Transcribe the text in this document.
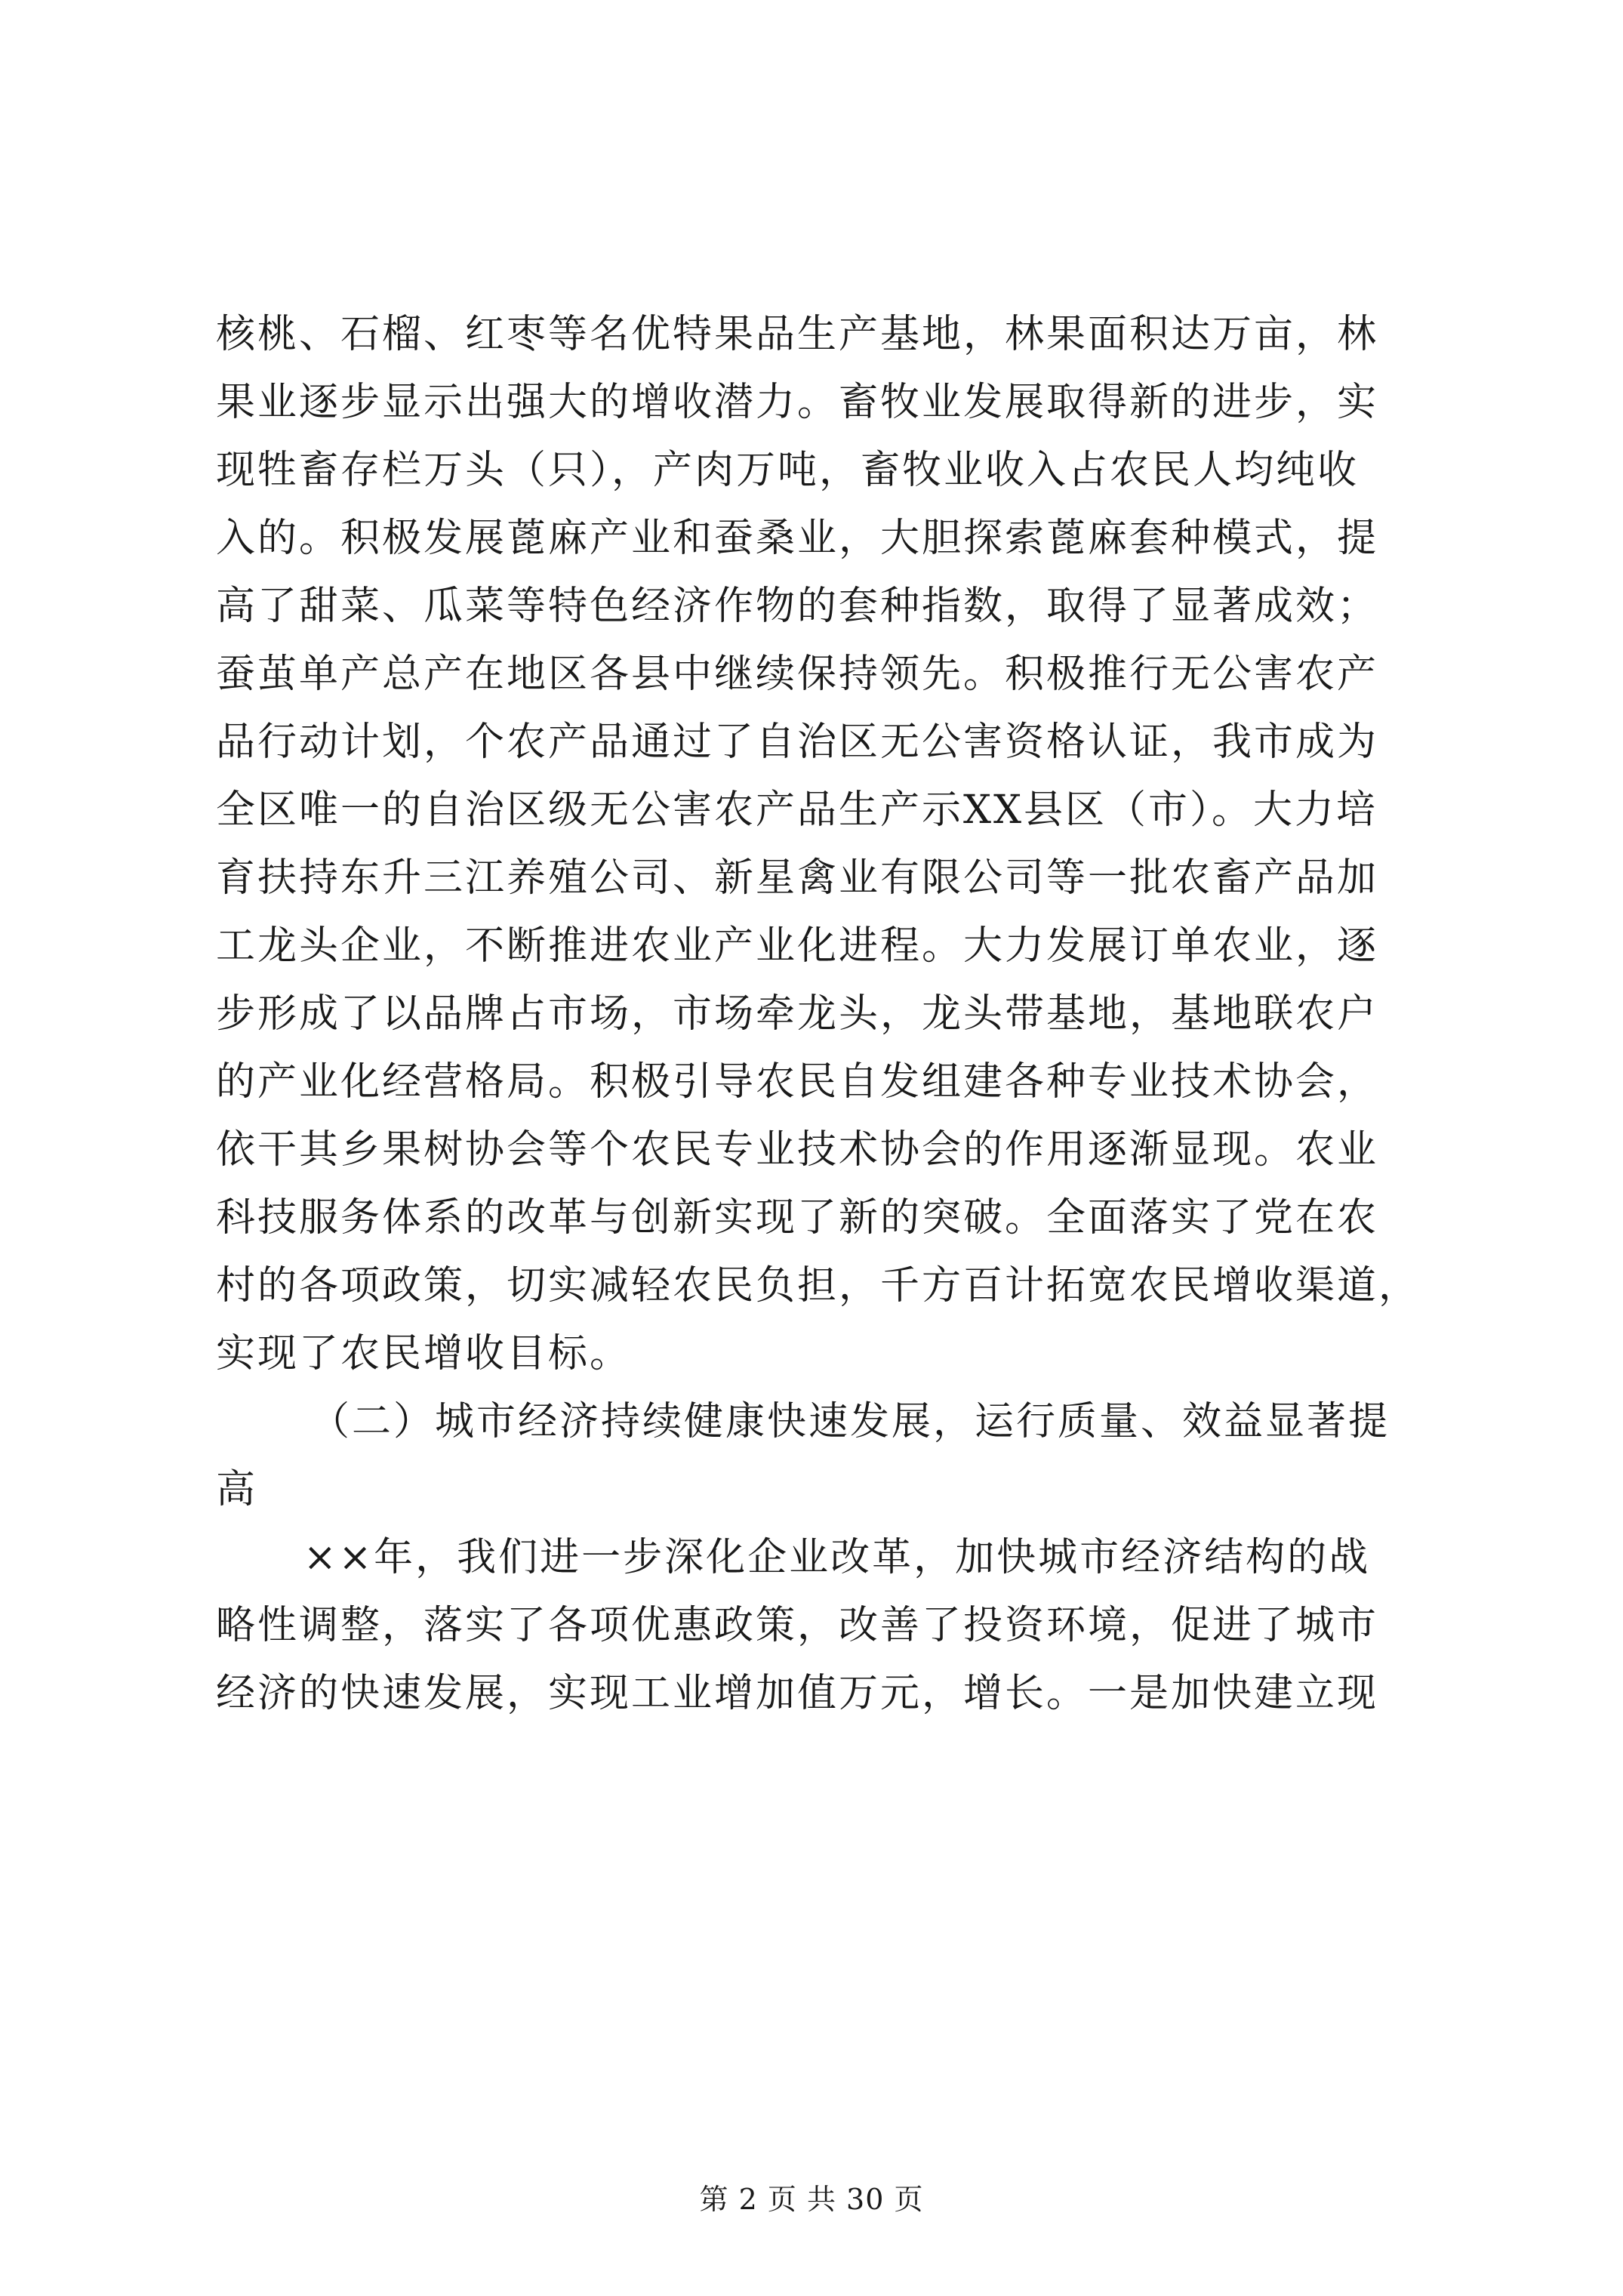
核桃、石榴、红枣等名优特果品生产基地，林果面积达万亩，林
果业逐步显示出强大的增收潜力。畜牧业发展取得新的进步，实
现牲畜存栏万头（只），产肉万吨，畜牧业收入占农民人均纯收
入的。积极发展蓖麻产业和蚕桑业，大胆探索蓖麻套种模式，提
高了甜菜、瓜菜等特色经济作物的套种指数，取得了显著成效；
蚕茧单产总产在地区各县中继续保持领先。积极推行无公害农产
品行动计划，个农产品通过了自治区无公害资格认证，我市成为
全区唯一的自治区级无公害农产品生产示XX县区（市）。大力培
育扶持东升三江养殖公司、新星禽业有限公司等一批农畜产品加
工龙头企业，不断推进农业产业化进程。大力发展订单农业，逐
步形成了以品牌占市场，市场牵龙头，龙头带基地，基地联农户
的产业化经营格局。积极引导农民自发组建各种专业技术协会，
依干其乡果树协会等个农民专业技术协会的作用逐渐显现。农业
科技服务体系的改革与创新实现了新的突破。全面落实了党在农
村的各项政策，切实减轻农民负担，千方百计拓宽农民增收渠道，
实现了农民增收目标。
（二）城市经济持续健康快速发展，运行质量、效益显著提
高
××年，我们进一步深化企业改革，加快城市经济结构的战
略性调整，落实了各项优惠政策，改善了投资环境，促进了城市
经济的快速发展，实现工业增加值万元，增长。一是加快建立现
第 2 页 共 30 页
